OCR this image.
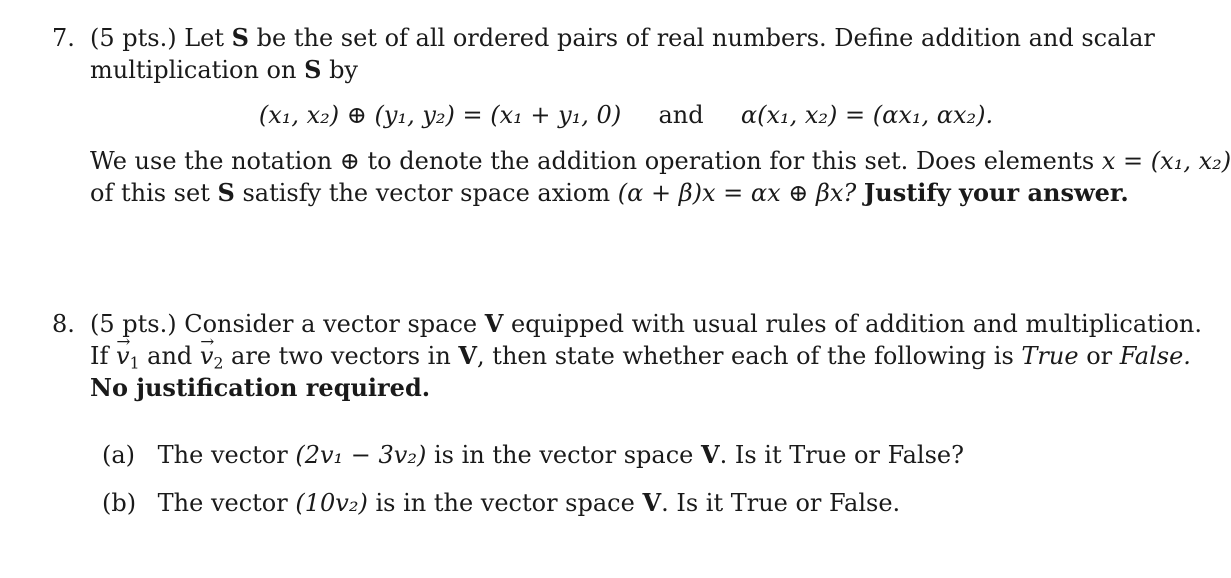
7. (5 pts.) Let S be the set of all ordered pairs of real numbers. Define addition and scalar
multiplication on S by
(x₁, x₂) ⊕ (y₁, y₂) = (x₁ + y₁, 0) and α(x₁, x₂) = (αx₁, αx₂).
We use the notation ⊕ to denote the addition operation for this set. Does elements x = (x₁, x₂)
of this set S satisfy the vector space axiom (α + β)x = αx ⊕ βx? Justify your answer.
8. (5 pts.) Consider a vector space V equipped with usual rules of addition and multiplication.
$If \to v_1$ and → $v_2$ are two vectors in V, then state whether each of the following is True or False.
No justification required.
(a) The vector (2v₁ − 3v₂) is in the vector space V. Is it True or False?
(b) The vector (10v₂) is in the vector space V. Is it True or False.
